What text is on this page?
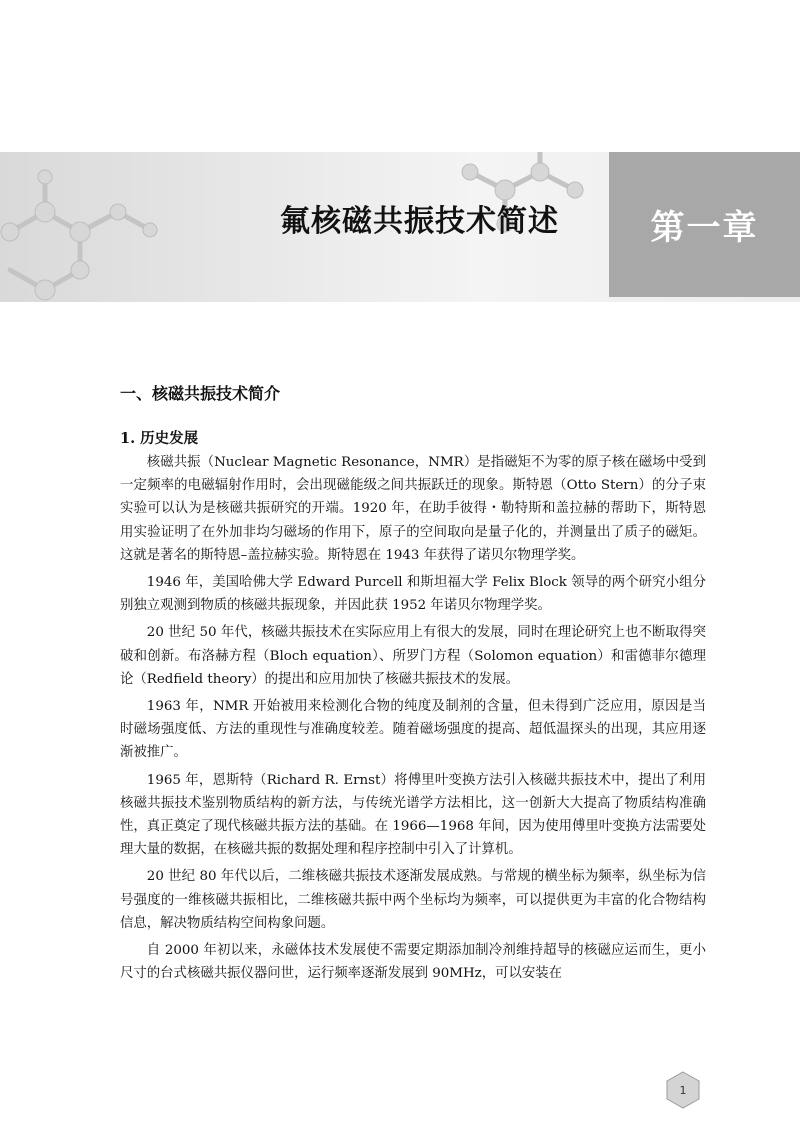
氟核磁共振技术简述	第一章
一、核磁共振技术简介
1. 历史发展

核磁共振（Nuclear Magnetic Resonance，NMR）是指磁矩不为零的原子核在磁场中受到一定频率的电磁辐射作用时，会出现磁能级之间共振跃迁的现象。斯特恩（Otto Stern）的分子束实验可以认为是核磁共振研究的开端。1920 年，在助手彼得・勒特斯和盖拉赫的帮助下，斯特恩用实验证明了在外加非均匀磁场的作用下，原子的空间取向是量子化的，并测量出了质子的磁矩。这就是著名的斯特恩–盖拉赫实验。斯特恩在 1943 年获得了诺贝尔物理学奖。

1946 年，美国哈佛大学 Edward Purcell 和斯坦福大学 Felix Block 领导的两个研究小组分别独立观测到物质的核磁共振现象，并因此获 1952 年诺贝尔物理学奖。

20 世纪 50 年代，核磁共振技术在实际应用上有很大的发展，同时在理论研究上也不断取得突破和创新。布洛赫方程（Bloch equation）、所罗门方程（Solomon equation）和雷德菲尔德理论（Redfield theory）的提出和应用加快了核磁共振技术的发展。

1963 年，NMR 开始被用来检测化合物的纯度及制剂的含量，但未得到广泛应用，原因是当时磁场强度低、方法的重现性与准确度较差。随着磁场强度的提高、超低温探头的出现，其应用逐渐被推广。

1965 年，恩斯特（Richard R. Ernst）将傅里叶变换方法引入核磁共振技术中，提出了利用核磁共振技术鉴别物质结构的新方法，与传统光谱学方法相比，这一创新大大提高了物质结构准确性，真正奠定了现代核磁共振方法的基础。在 1966—1968 年间，因为使用傅里叶变换方法需要处理大量的数据，在核磁共振的数据处理和程序控制中引入了计算机。

20 世纪 80 年代以后，二维核磁共振技术逐渐发展成熟。与常规的横坐标为频率，纵坐标为信号强度的一维核磁共振相比，二维核磁共振中两个坐标均为频率，可以提供更为丰富的化合物结构信息，解决物质结构空间构象问题。

自 2000 年初以来，永磁体技术发展使不需要定期添加制冷剂维持超导的核磁应运而生，更小尺寸的台式核磁共振仪器问世，运行频率逐渐发展到 90MHz，可以安装在

1
